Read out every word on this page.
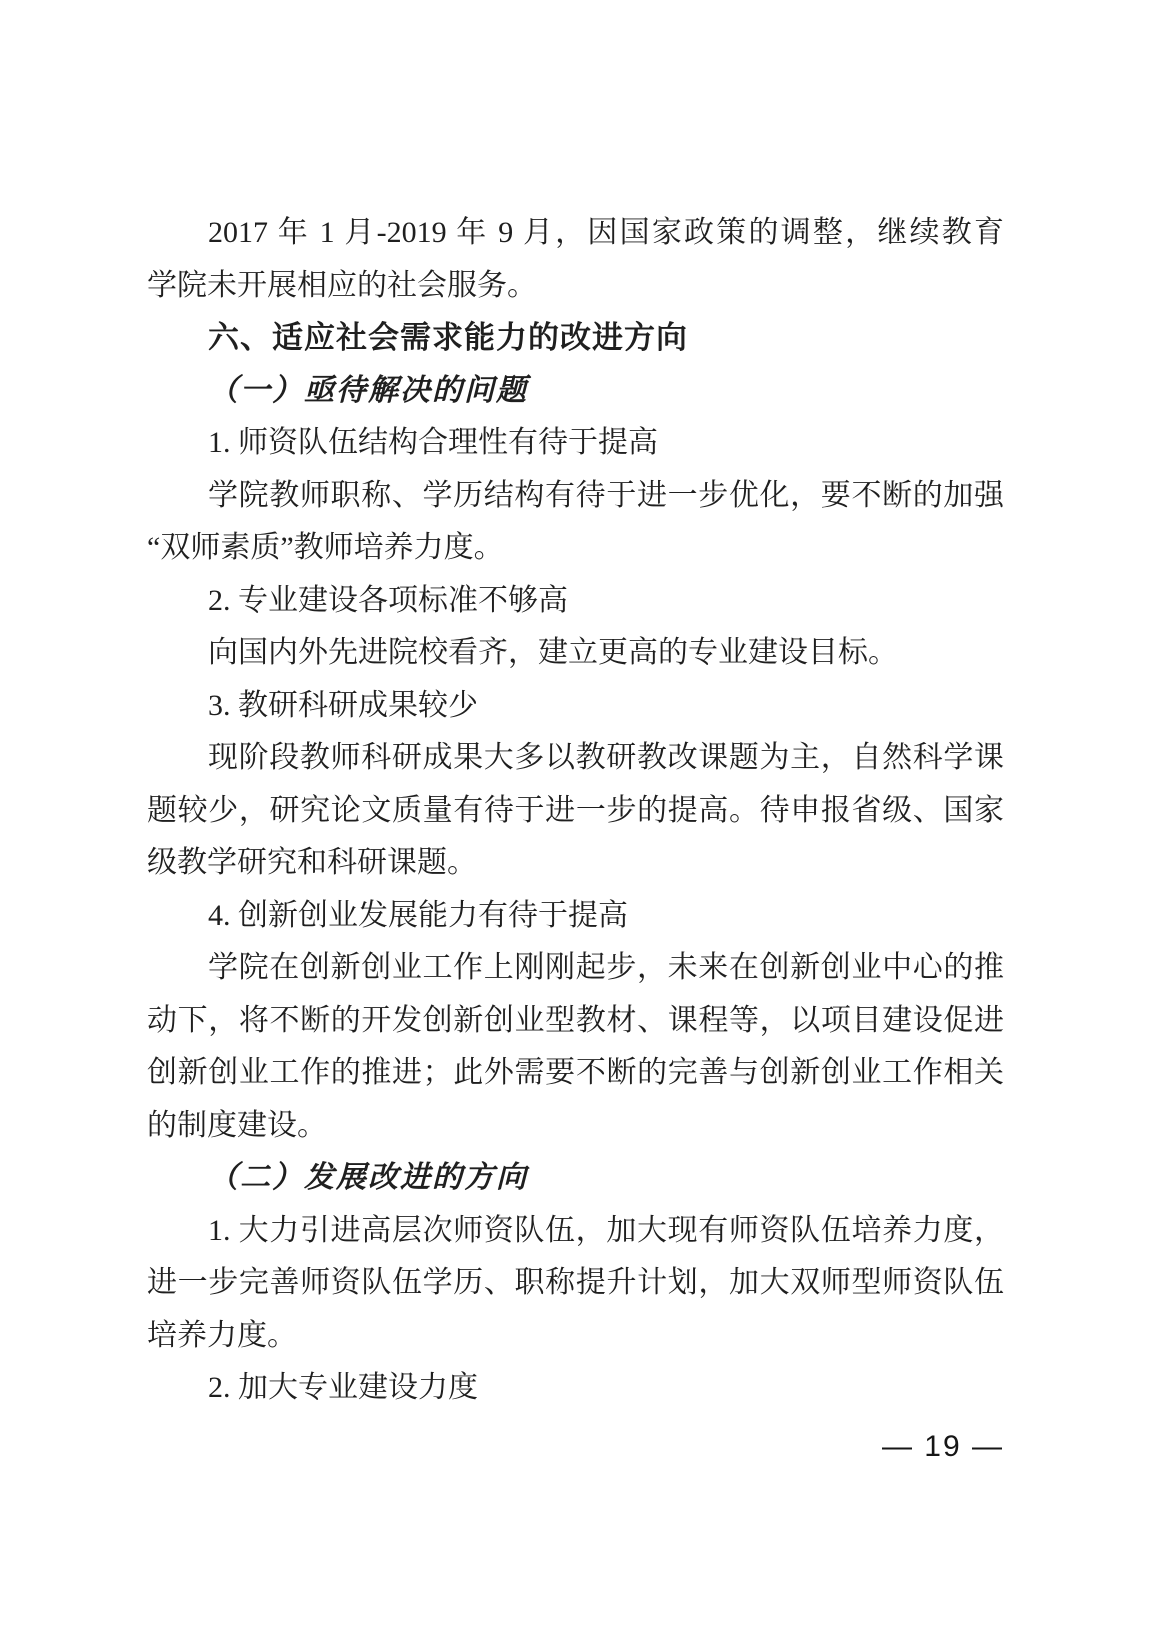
2017 年 1 月-2019 年 9 月，因国家政策的调整，继续教育
学院未开展相应的社会服务。
六、适应社会需求能力的改进方向
（一）亟待解决的问题
1. 师资队伍结构合理性有待于提高
学院教师职称、学历结构有待于进一步优化，要不断的加强
“双师素质”教师培养力度。
2. 专业建设各项标准不够高
向国内外先进院校看齐，建立更高的专业建设目标。
3. 教研科研成果较少
现阶段教师科研成果大多以教研教改课题为主，自然科学课
题较少，研究论文质量有待于进一步的提高。待申报省级、国家
级教学研究和科研课题。
4. 创新创业发展能力有待于提高
学院在创新创业工作上刚刚起步，未来在创新创业中心的推
动下，将不断的开发创新创业型教材、课程等，以项目建设促进
创新创业工作的推进；此外需要不断的完善与创新创业工作相关
的制度建设。
（二）发展改进的方向
1. 大力引进高层次师资队伍，加大现有师资队伍培养力度，
进一步完善师资队伍学历、职称提升计划，加大双师型师资队伍
培养力度。
2. 加大专业建设力度
— 19 —
